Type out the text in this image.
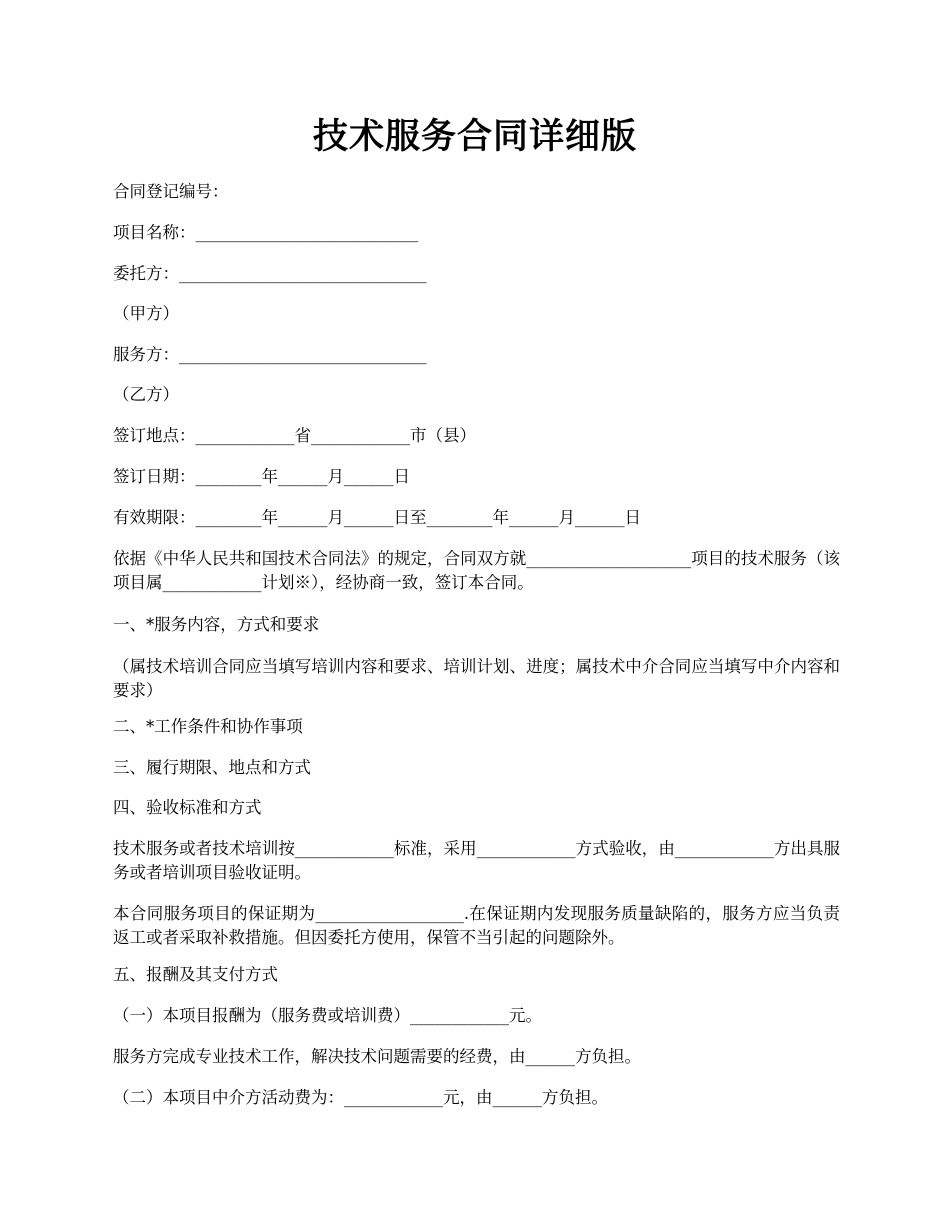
技术服务合同详细版

合同登记编号：

项目名称：___________________________

委托方：______________________________

（甲方）

服务方：______________________________

（乙方）

签订地点：____________省____________市（县）

签订日期：________年______月______日

有效期限：________年______月______日至________年______月______日

依据《中华人民共和国技术合同法》的规定，合同双方就____________________项目的技术服务（该项目属____________计划※），经协商一致，签订本合同。

一、*服务内容，方式和要求

（属技术培训合同应当填写培训内容和要求、培训计划、进度；属技术中介合同应当填写中介内容和要求）

二、*工作条件和协作事项

三、履行期限、地点和方式

四、验收标准和方式

技术服务或者技术培训按____________标准，采用____________方式验收，由____________方出具服务或者培训项目验收证明。

本合同服务项目的保证期为__________________.在保证期内发现服务质量缺陷的，服务方应当负责返工或者采取补救措施。但因委托方使用，保管不当引起的问题除外。

五、报酬及其支付方式

（一）本项目报酬为（服务费或培训费）____________元。

服务方完成专业技术工作，解决技术问题需要的经费，由______方负担。

（二）本项目中介方活动费为：____________元，由______方负担。
